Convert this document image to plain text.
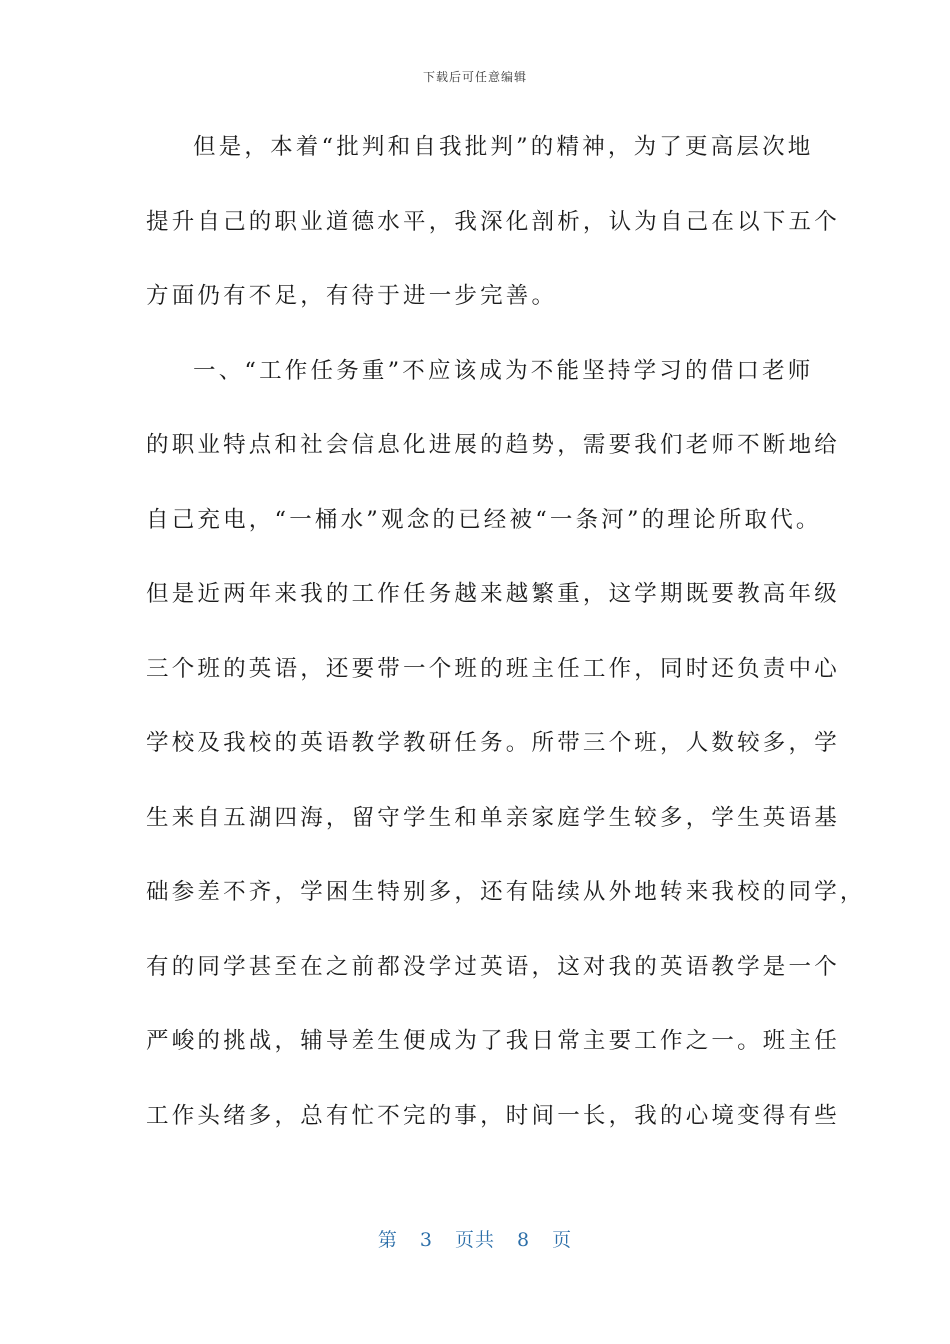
下载后可任意编辑
但是，本着“批判和自我批判”的精神，为了更高层次地
提升自己的职业道德水平，我深化剖析，认为自己在以下五个
方面仍有不足，有待于进一步完善。
一、“工作任务重”不应该成为不能坚持学习的借口老师
的职业特点和社会信息化进展的趋势，需要我们老师不断地给
自己充电，“一桶水”观念的已经被“一条河”的理论所取代。
但是近两年来我的工作任务越来越繁重，这学期既要教高年级
三个班的英语，还要带一个班的班主任工作，同时还负责中心
学校及我校的英语教学教研任务。所带三个班，人数较多，学
生来自五湖四海，留守学生和单亲家庭学生较多，学生英语基
础参差不齐，学困生特别多，还有陆续从外地转来我校的同学，
有的同学甚至在之前都没学过英语，这对我的英语教学是一个
严峻的挑战，辅导差生便成为了我日常主要工作之一。班主任
工作头绪多，总有忙不完的事，时间一长，我的心境变得有些
第 3 页共 8 页
